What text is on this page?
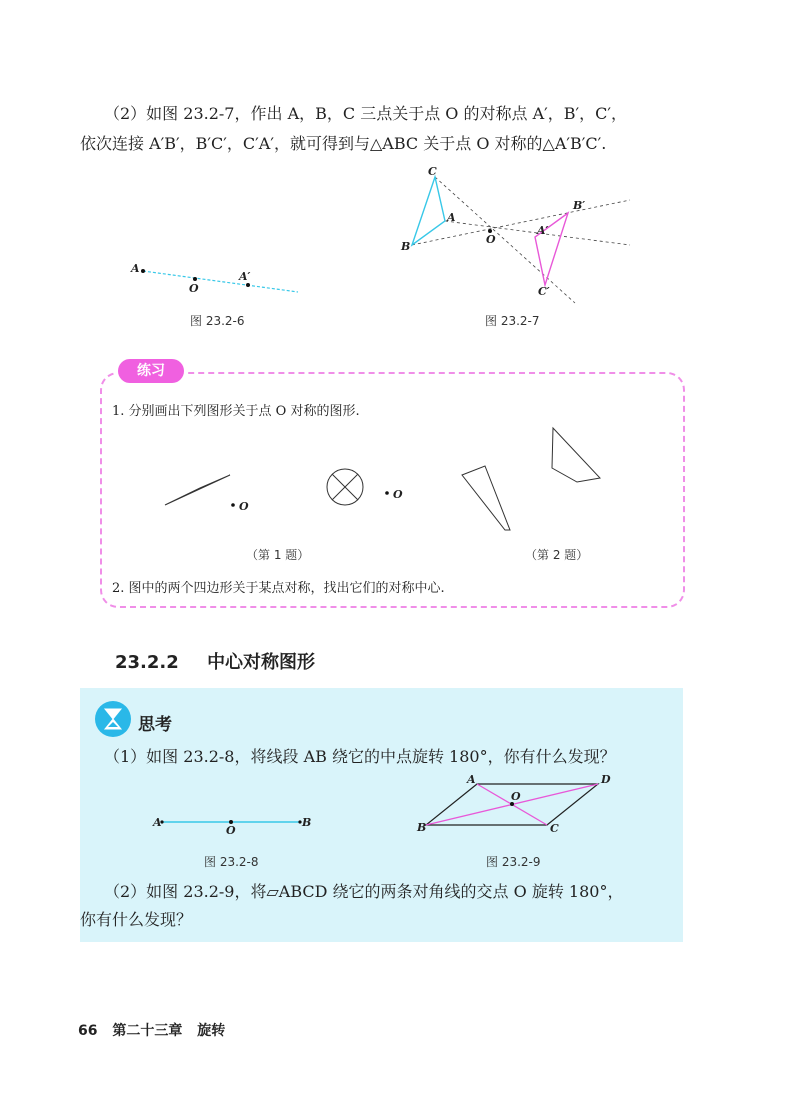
（2）如图 23.2-7，作出 A，B，C 三点关于点 O 的对称点 A′，B′，C′，
依次连接 A′B′，B′C′，C′A′，就可得到与△ABC 关于点 O 对称的△A′B′C′.
A
O
A′
图 23.2-6
C
A
B
O
B′
A′
C′
图 23.2-7
练习
1. 分别画出下列图形关于点 O 对称的图形.
O
O
（第 1 题）	（第 2 题）
2. 图中的两个四边形关于某点对称，找出它们的对称中心.
23.2.2 中心对称图形
思考
（1）如图 23.2-8，将线段 AB 绕它的中点旋转 180°，你有什么发现？
A
O
B
图 23.2-8
A	D
O
B	C
图 23.2-9
（2）如图 23.2-9，将▱ABCD 绕它的两条对角线的交点 O 旋转 180°，
你有什么发现？
66 第二十三章 旋转
